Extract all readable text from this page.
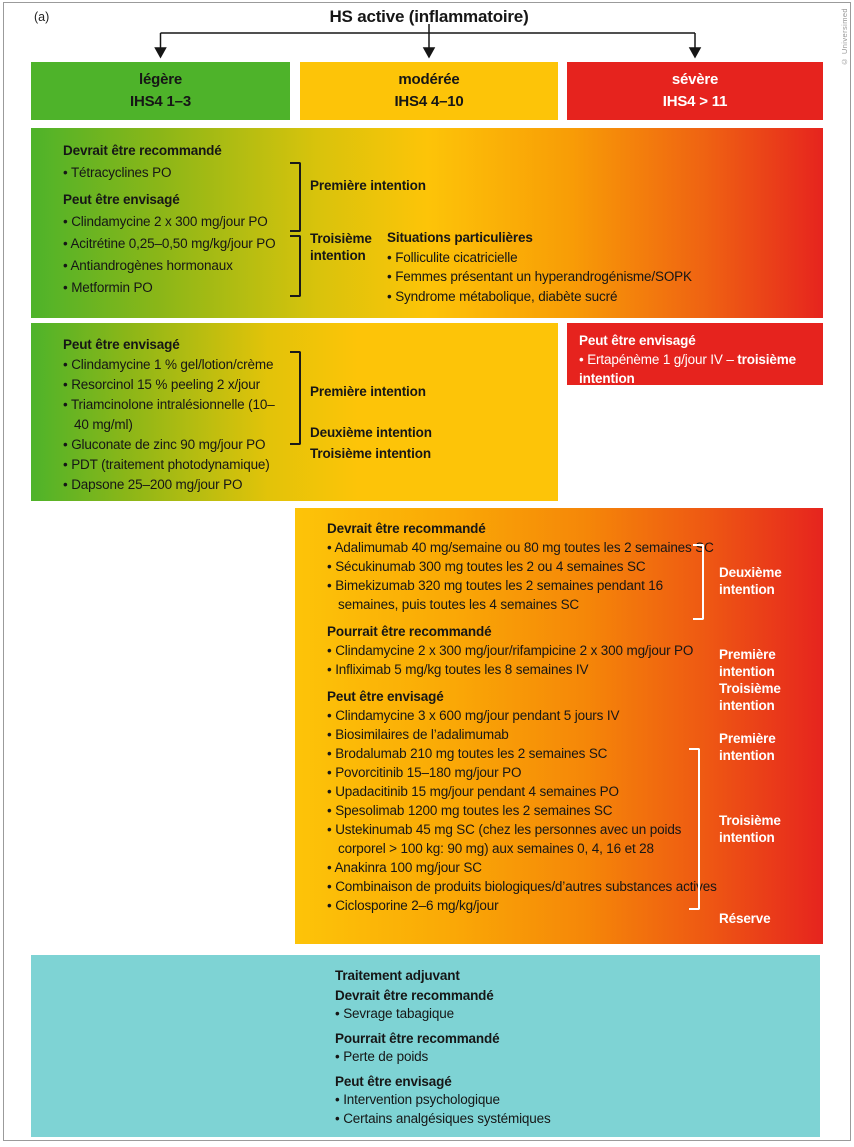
(a)	HS active (inflammatoire)	© Universimed
légère
IHS4 1–3
modérée
IHS4 4–10
sévère
IHS4 > 11
Devrait être recommandé
• Tétracyclines PO
Peut être envisagé
• Clindamycine 2 x 300 mg/jour PO
• Acitrétine 0,25–0,50 mg/kg/jour PO
• Antiandrogènes hormonaux
• Metformin PO
Première intention
Troisième intention
Situations particulières
• Folliculite cicatricielle
• Femmes présentant un hyperandrogénisme/SOPK
• Syndrome métabolique, diabète sucré
Peut être envisagé
• Clindamycine 1 % gel/lotion/crème
• Resorcinol 15 % peeling 2 x/jour
• Triamcinolone intralésionnelle (10–40 mg/ml)
• Gluconate de zinc 90 mg/jour PO
• PDT (traitement photodynamique)
• Dapsone 25–200 mg/jour PO
Première intention
Deuxième intention
Troisième intention
Peut être envisagé
• Ertapénème 1 g/jour IV – troisième intention
Devrait être recommandé
• Adalimumab 40 mg/semaine ou 80 mg toutes les 2 semaines SC
• Sécukinumab 300 mg toutes les 2 ou 4 semaines SC
• Bimekizumab 320 mg toutes les 2 semaines pendant 16 semaines, puis toutes les 4 semaines SC
Pourrait être recommandé
• Clindamycine 2 x 300 mg/jour/rifampicine 2 x 300 mg/jour PO
• Infliximab 5 mg/kg toutes les 8 semaines IV
Peut être envisagé
• Clindamycine 3 x 600 mg/jour pendant 5 jours IV
• Biosimilaires de l’adalimumab
• Brodalumab 210 mg toutes les 2 semaines SC
• Povorcitinib 15–180 mg/jour PO
• Upadacitinib 15 mg/jour pendant 4 semaines PO
• Spesolimab 1200 mg toutes les 2 semaines SC
• Ustekinumab 45 mg SC (chez les personnes avec un poids corporel > 100 kg: 90 mg) aux semaines 0, 4, 16 et 28
• Anakinra 100 mg/jour SC
• Combinaison de produits biologiques/d’autres substances actives
• Ciclosporine 2–6 mg/kg/jour
Deuxième intention
Première intention
Troisième intention
Première intention
Troisième intention
Réserve
Traitement adjuvant
Devrait être recommandé
• Sevrage tabagique
Pourrait être recommandé
• Perte de poids
Peut être envisagé
• Intervention psychologique
• Certains analgésiques systémiques
